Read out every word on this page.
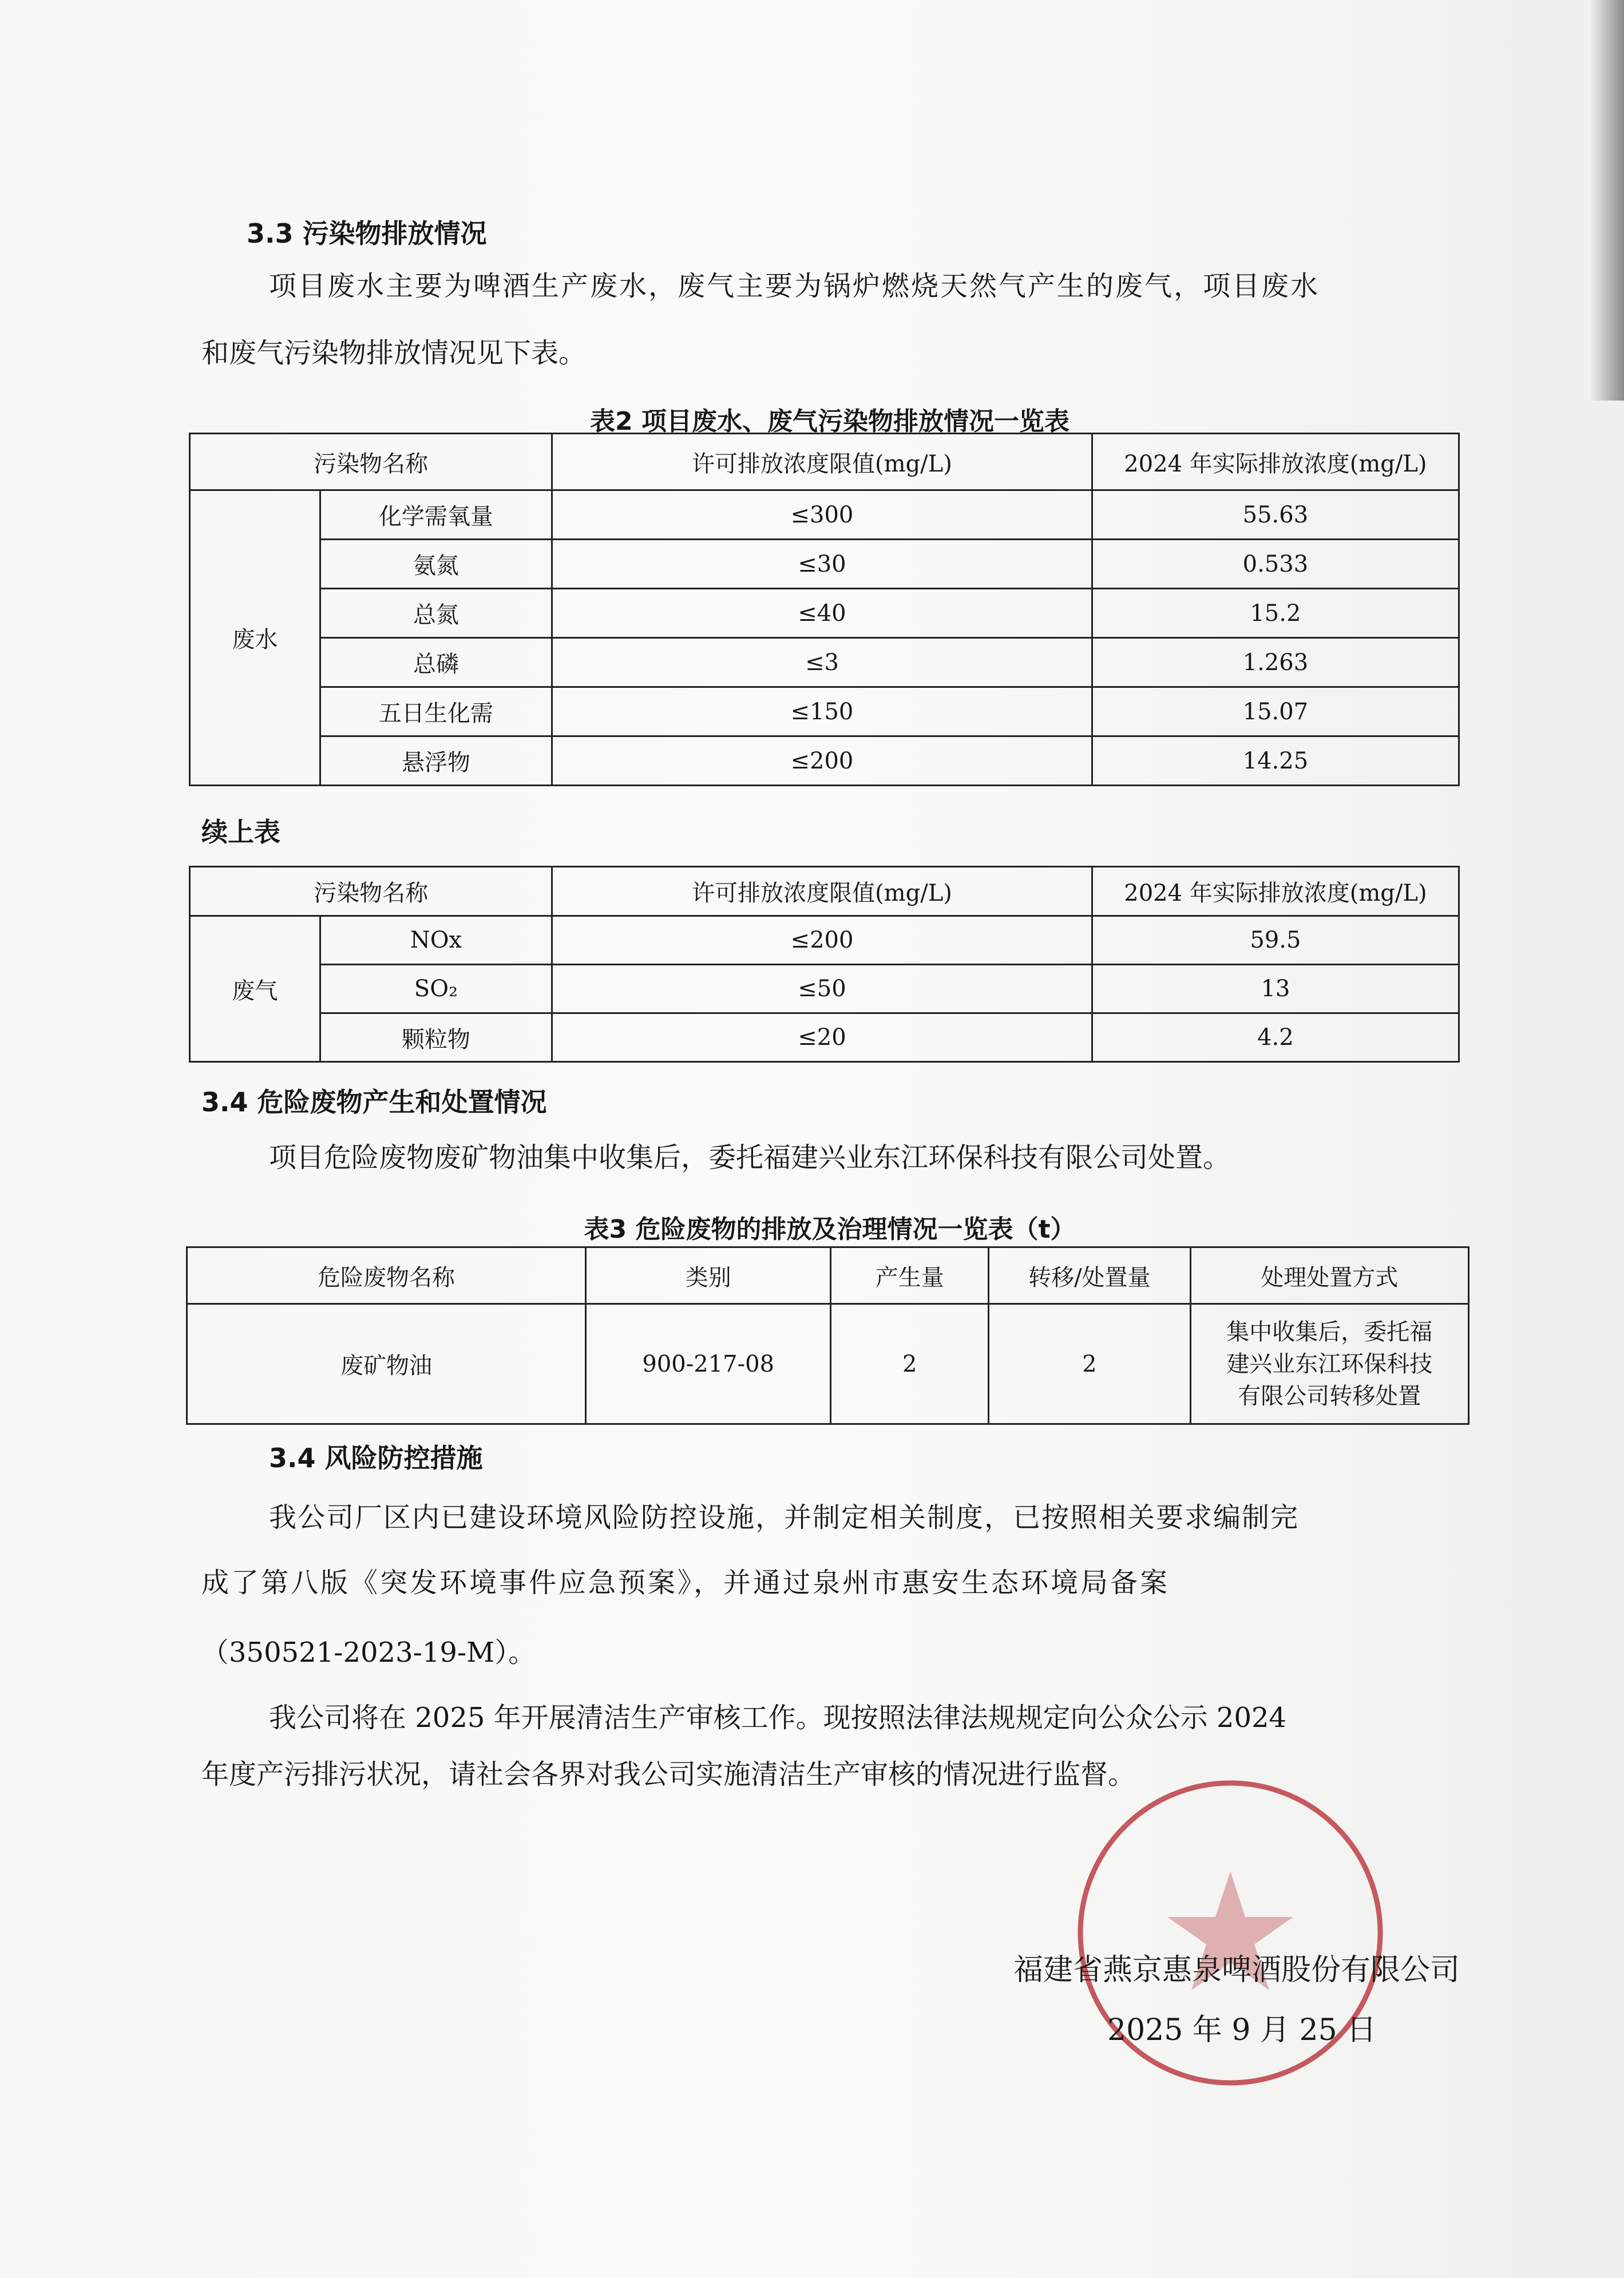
3.3 污染物排放情况
项目废水主要为啤酒生产废水，废气主要为锅炉燃烧天然气产生的废气，项目废水
和废气污染物排放情况见下表。
表2 项目废水、废气污染物排放情况一览表
污染物名称		许可排放浓度限值(mg/L)	2024 年实际排放浓度(mg/L)
废水	化学需氧量	≤300	55.63
	氨氮	≤30	0.533
	总氮	≤40	15.2
	总磷	≤3	1.263
	五日生化需	≤150	15.07
	悬浮物	≤200	14.25
续上表
污染物名称		许可排放浓度限值(mg/L)	2024 年实际排放浓度(mg/L)
废气	NOx	≤200	59.5
	SO₂	≤50	13
	颗粒物	≤20	4.2
3.4 危险废物产生和处置情况
项目危险废物废矿物油集中收集后，委托福建兴业东江环保科技有限公司处置。
表3 危险废物的排放及治理情况一览表（t）
危险废物名称	类别	产生量	转移/处置量	处理处置方式
废矿物油	900-217-08	2	2	集中收集后，委托福
建兴业东江环保科技
有限公司转移处置
3.4 风险防控措施
我公司厂区内已建设环境风险防控设施，并制定相关制度，已按照相关要求编制完
成了第八版《突发环境事件应急预案》，并通过泉州市惠安生态环境局备案
（350521-2023-19-M）。
我公司将在 2025 年开展清洁生产审核工作。现按照法律法规规定向公众公示 2024
年度产污排污状况，请社会各界对我公司实施清洁生产审核的情况进行监督。
福建省燕京惠泉啤酒股份有限公司
2025 年 9 月 25 日
